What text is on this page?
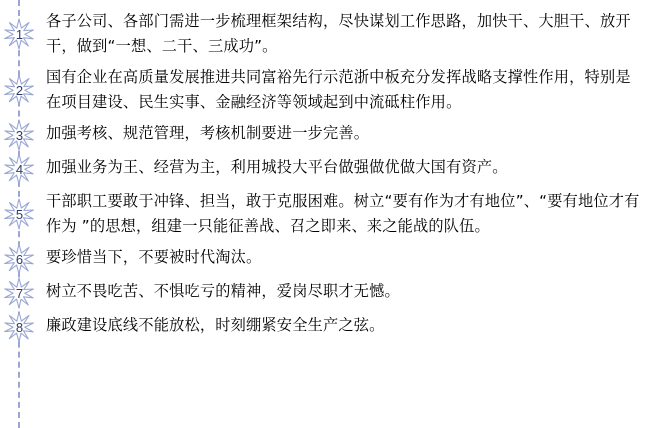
1

各子公司、各部门需进一步梳理框架结构，尽快谋划工作思路，加快干、大胆干、放开干，做到“一想、二干、三成功”。

2

国有企业在高质量发展推进共同富裕先行示范浙中板充分发挥战略支撑性作用，特别是在项目建设、民生实事、金融经济等领域起到中流砥柱作用。

3 加强考核、规范管理，考核机制要进一步完善。

4 加强业务为王、经营为主，利用城投大平台做强做优做大国有资产。

5

干部职工要敢于冲锋、担当，敢于克服困难。树立“要有作为才有地位”、“要有地位才有作为 ”的思想，组建一只能征善战、召之即来、来之能战的队伍。

6 要珍惜当下，不要被时代淘汰。

7 树立不畏吃苦、不惧吃亏的精神，爱岗尽职才无憾。

8 廉政建设底线不能放松，时刻绷紧安全生产之弦。
